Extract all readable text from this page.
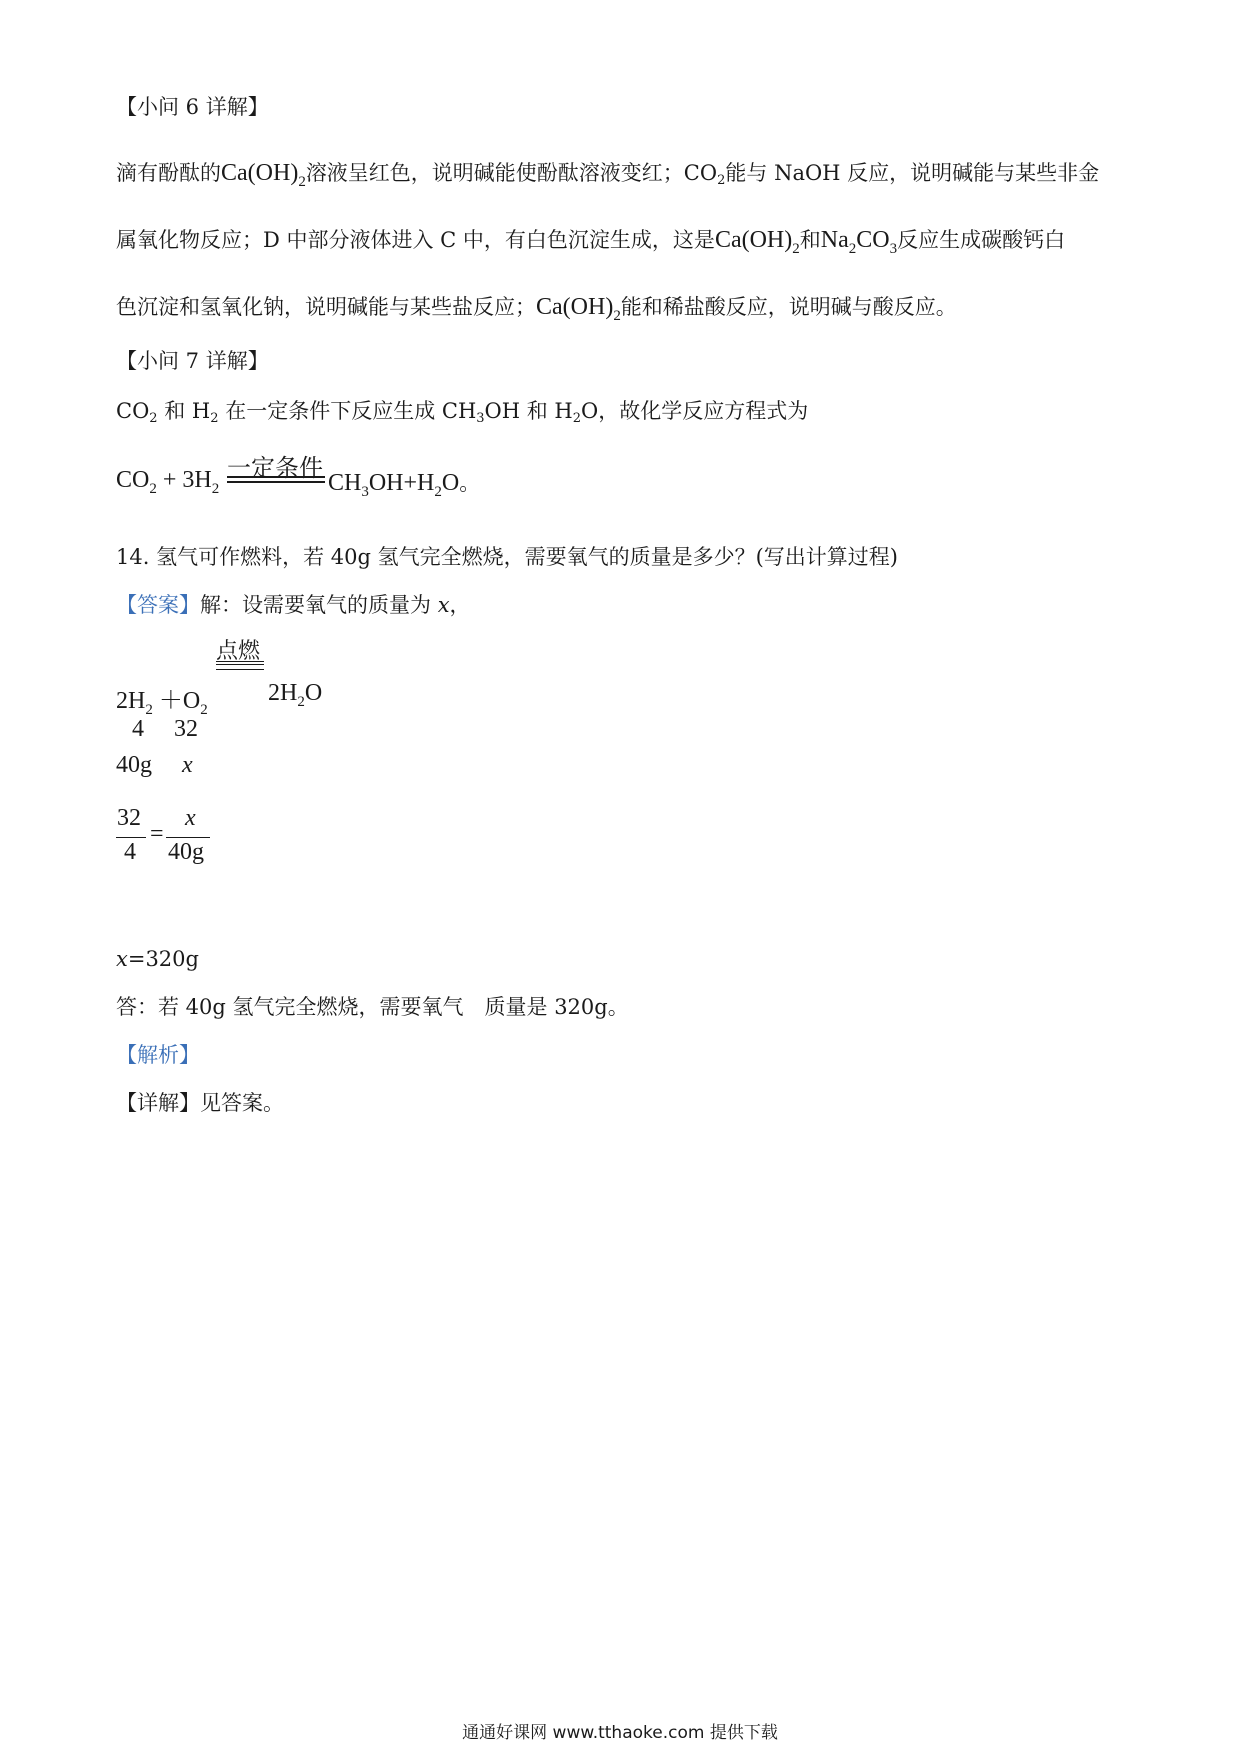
【小问 6 详解】
滴有酚酞的$Ca(OH)_2$溶液呈红色，说明碱能使酚酞溶液变红；$CO_2$能与 NaOH 反应，说明碱能与某些非金
属氧化物反应；D 中部分液体进入 C 中，有白色沉淀生成，这是$Ca(OH)_2$和$Na_2CO_3$反应生成碳酸钙白
色沉淀和氢氧化钠，说明碱能与某些盐反应；$Ca(OH)_2$能和稀盐酸反应，说明碱与酸反应。
【小问 7 详解】
$CO_2$ 和 $H_2$ 在一定条件下反应生成 $CH_3OH$ 和 $H_2O$，故化学反应方程式为
一定条件
$CO_2 + 3H_2$	$CH_3OH+H_2O$。
14. 氢气可作燃料，若 40g 氢气完全燃烧，需要氧气的质量是多少？(写出计算过程)
【答案】解：设需要氧气的质量为 x，
点燃
$2H_2 +O_2$
$2H_2O$
4 32
40g x
32
4
=
x
40g
x=320g
答：若 40g 氢气完全燃烧，需要氧气　质量是 320g。
【解析】
【详解】见答案。
通通好课网 www.tthaoke.com 提供下载
